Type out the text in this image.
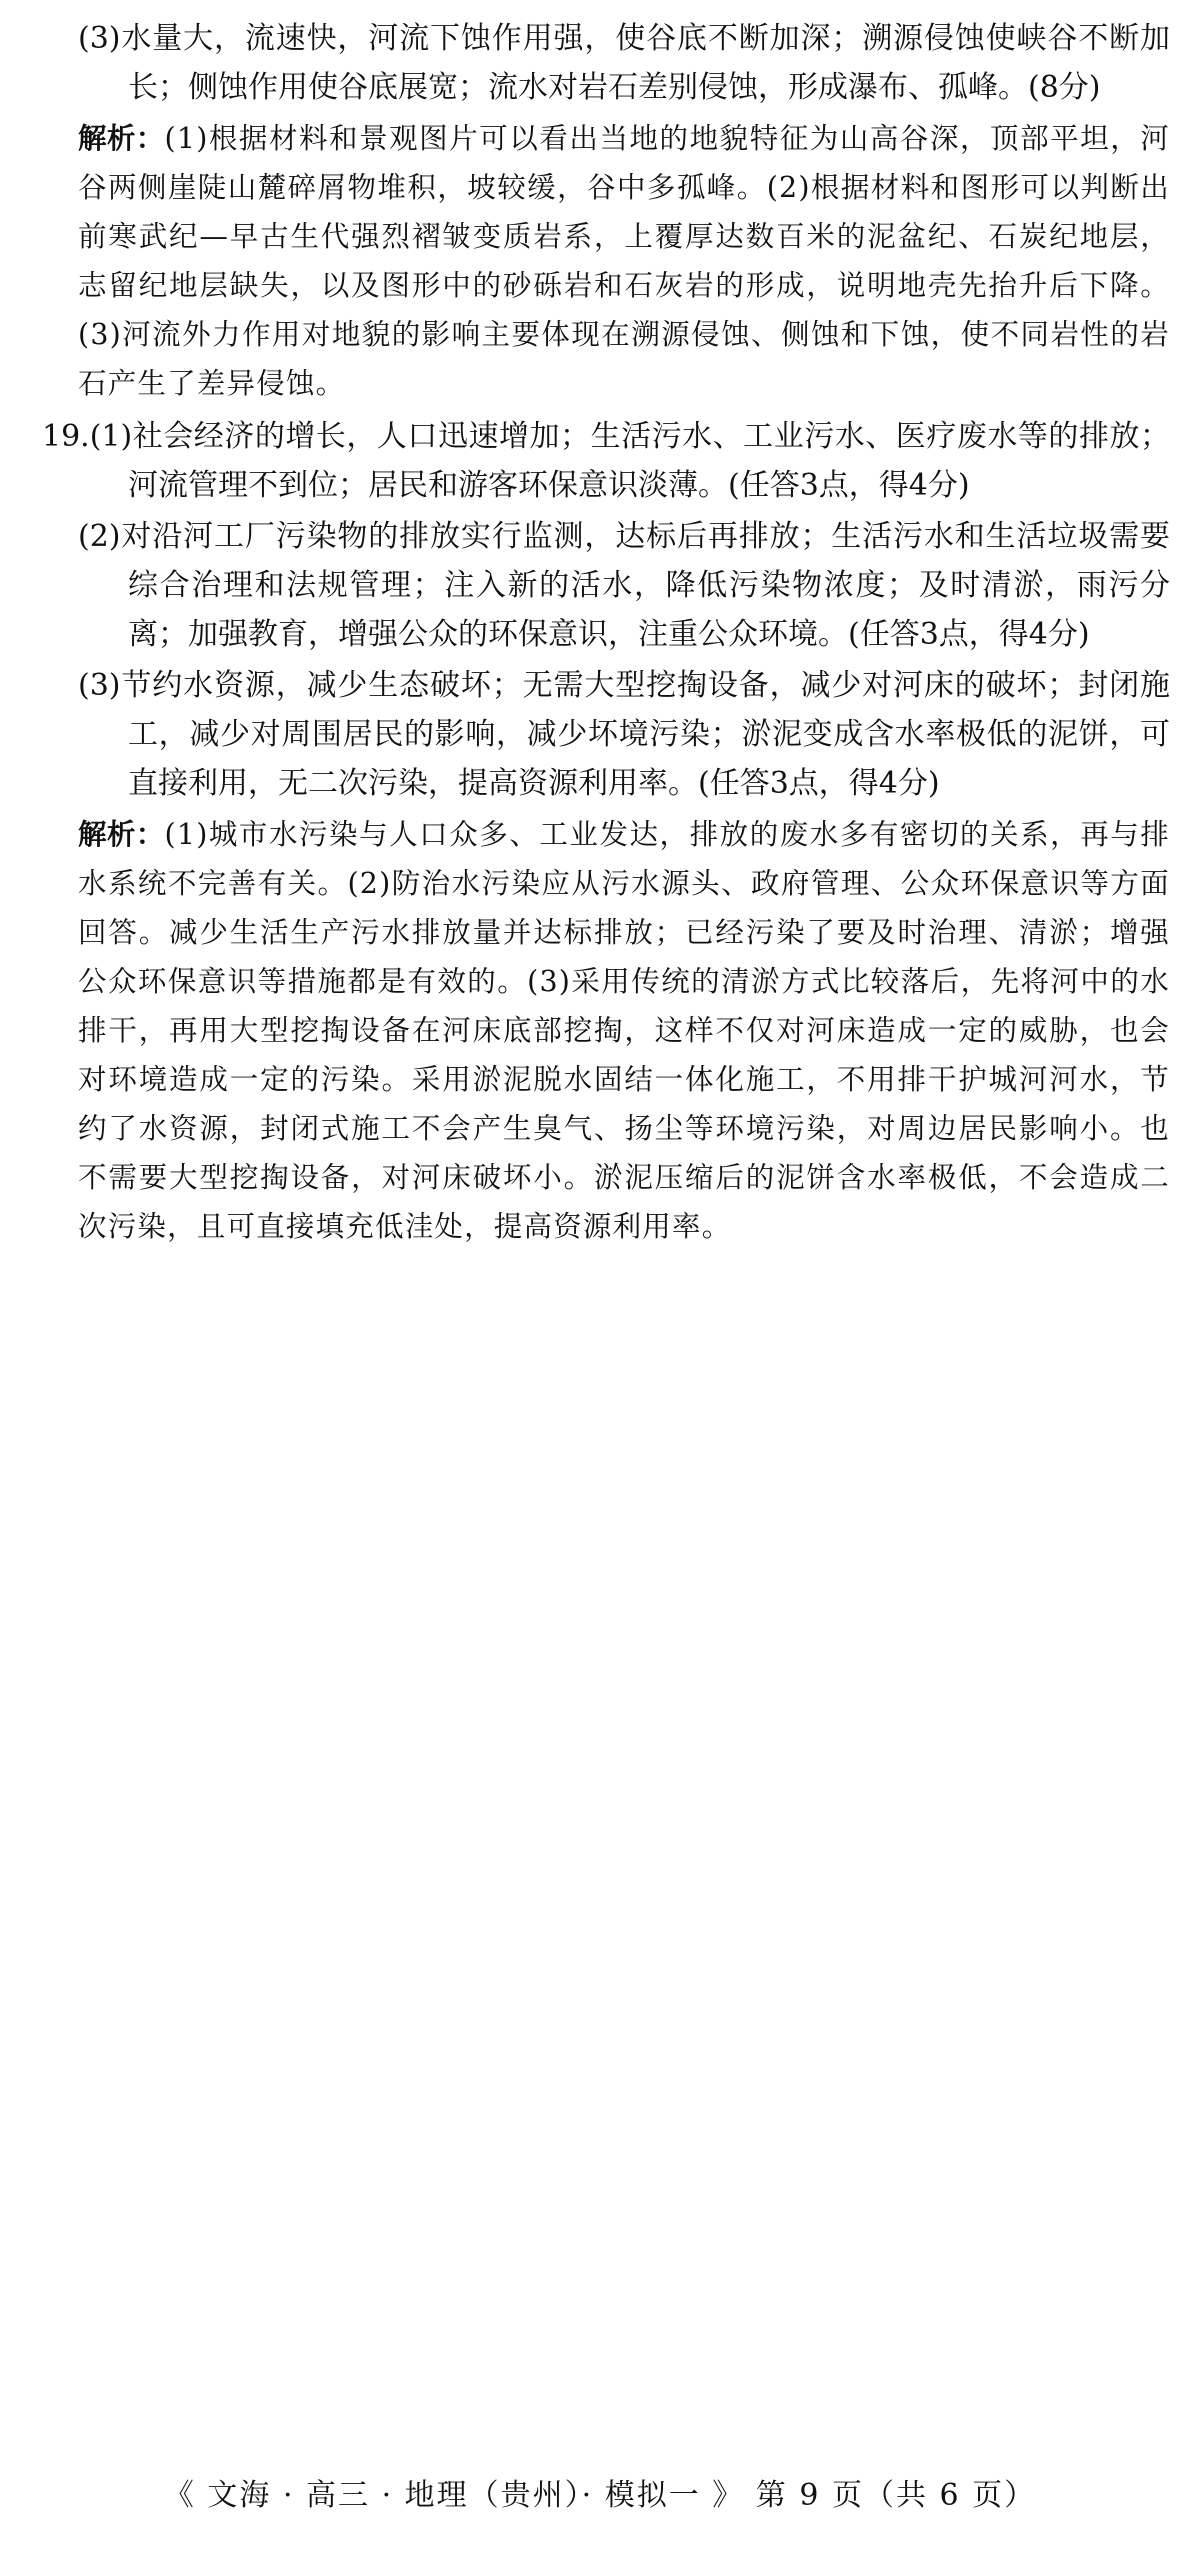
(3)水量大，流速快，河流下蚀作用强，使谷底不断加深；溯源侵蚀使峡谷不断加长；侧蚀作用使谷底展宽；流水对岩石差别侵蚀，形成瀑布、孤峰。(8分)

解析：(1)根据材料和景观图片可以看出当地的地貌特征为山高谷深，顶部平坦，河谷两侧崖陡山麓碎屑物堆积，坡较缓，谷中多孤峰。(2)根据材料和图形可以判断出前寒武纪—早古生代强烈褶皱变质岩系，上覆厚达数百米的泥盆纪、石炭纪地层，志留纪地层缺失，以及图形中的砂砾岩和石灰岩的形成，说明地壳先抬升后下降。(3)河流外力作用对地貌的影响主要体现在溯源侵蚀、侧蚀和下蚀，使不同岩性的岩石产生了差异侵蚀。

19.(1)社会经济的增长，人口迅速增加；生活污水、工业污水、医疗废水等的排放；河流管理不到位；居民和游客环保意识淡薄。(任答3点，得4分)

(2)对沿河工厂污染物的排放实行监测，达标后再排放；生活污水和生活垃圾需要综合治理和法规管理；注入新的活水，降低污染物浓度；及时清淤，雨污分离；加强教育，增强公众的环保意识，注重公众环境。(任答3点，得4分)

(3)节约水资源，减少生态破坏；无需大型挖掏设备，减少对河床的破坏；封闭施工，减少对周围居民的影响，减少坏境污染；淤泥变成含水率极低的泥饼，可直接利用，无二次污染，提高资源利用率。(任答3点，得4分)

解析：(1)城市水污染与人口众多、工业发达，排放的废水多有密切的关系，再与排水系统不完善有关。(2)防治水污染应从污水源头、政府管理、公众环保意识等方面回答。减少生活生产污水排放量并达标排放；已经污染了要及时治理、清淤；增强公众环保意识等措施都是有效的。(3)采用传统的清淤方式比较落后，先将河中的水排干，再用大型挖掏设备在河床底部挖掏，这样不仅对河床造成一定的威胁，也会对环境造成一定的污染。采用淤泥脱水固结一体化施工，不用排干护城河河水，节约了水资源，封闭式施工不会产生臭气、扬尘等环境污染，对周边居民影响小。也不需要大型挖掏设备，对河床破坏小。淤泥压缩后的泥饼含水率极低，不会造成二次污染，且可直接填充低洼处，提高资源利用率。

《 文海 · 高三 · 地理（贵州）· 模拟一 》 第 9 页（共 6 页）
